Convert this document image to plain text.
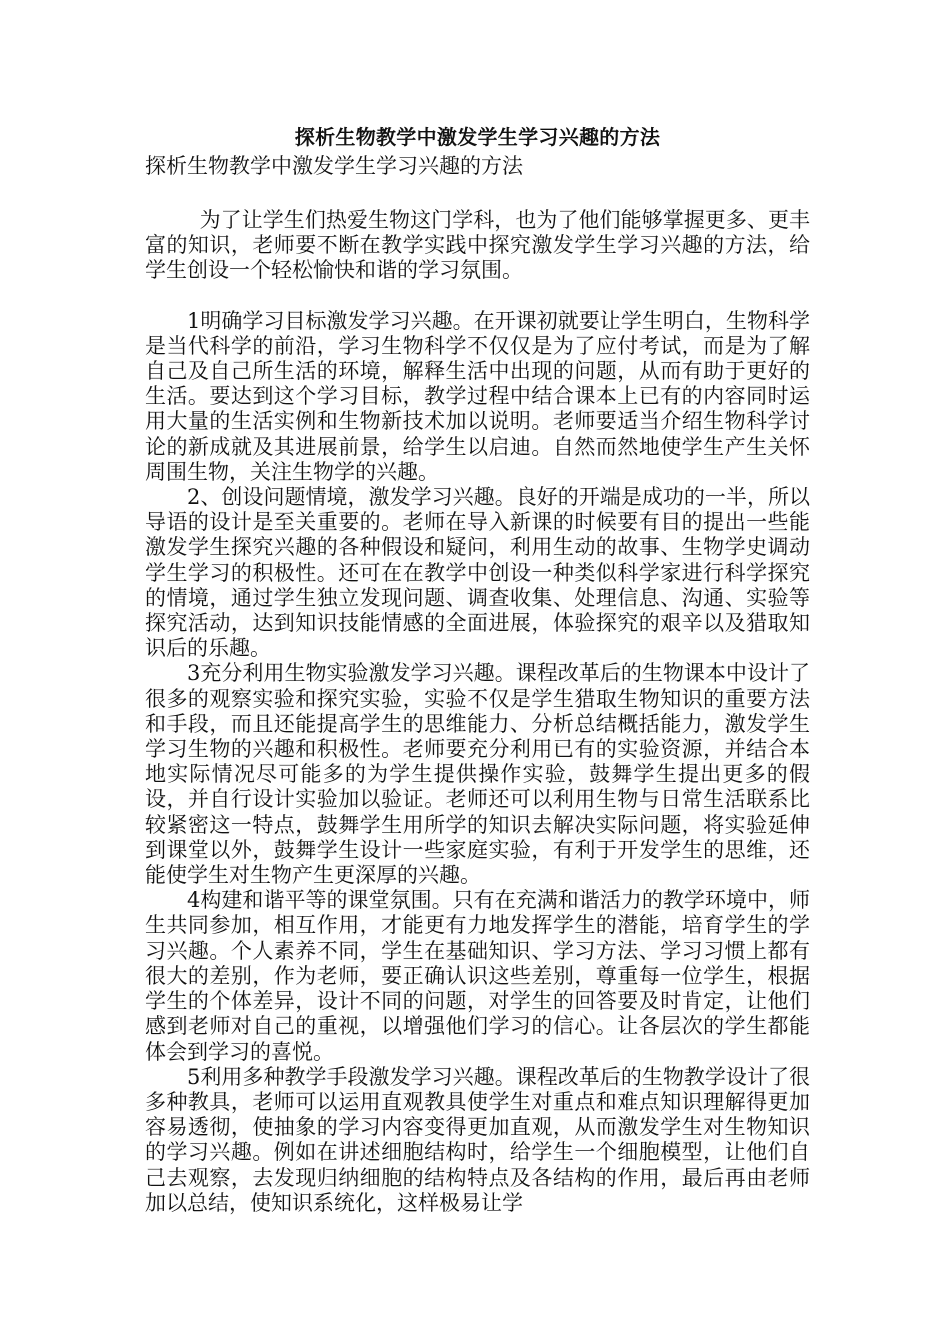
探析生物教学中激发学生学习兴趣的方法

探析生物教学中激发学生学习兴趣的方法

为了让学生们热爱生物这门学科，也为了他们能够掌握更多、更丰富的知识，老师要不断在教学实践中探究激发学生学习兴趣的方法，给学生创设一个轻松愉快和谐的学习氛围。

1明确学习目标激发学习兴趣。在开课初就要让学生明白，生物科学是当代科学的前沿，学习生物科学不仅仅是为了应付考试，而是为了解自己及自己所生活的环境，解释生活中出现的问题，从而有助于更好的生活。要达到这个学习目标，教学过程中结合课本上已有的内容同时运用大量的生活实例和生物新技术加以说明。老师要适当介绍生物科学讨论的新成就及其进展前景，给学生以启迪。自然而然地使学生产生关怀周围生物，关注生物学的兴趣。

2、创设问题情境，激发学习兴趣。良好的开端是成功的一半，所以导语的设计是至关重要的。老师在导入新课的时候要有目的提出一些能激发学生探究兴趣的各种假设和疑问，利用生动的故事、生物学史调动学生学习的积极性。还可在在教学中创设一种类似科学家进行科学探究的情境，通过学生独立发现问题、调查收集、处理信息、沟通、实验等探究活动，达到知识技能情感的全面进展，体验探究的艰辛以及猎取知识后的乐趣。

3充分利用生物实验激发学习兴趣。课程改革后的生物课本中设计了很多的观察实验和探究实验，实验不仅是学生猎取生物知识的重要方法和手段，而且还能提高学生的思维能力、分析总结概括能力，激发学生学习生物的兴趣和积极性。老师要充分利用已有的实验资源，并结合本地实际情况尽可能多的为学生提供操作实验，鼓舞学生提出更多的假设，并自行设计实验加以验证。老师还可以利用生物与日常生活联系比较紧密这一特点，鼓舞学生用所学的知识去解决实际问题，将实验延伸到课堂以外，鼓舞学生设计一些家庭实验，有利于开发学生的思维，还能使学生对生物产生更深厚的兴趣。

4构建和谐平等的课堂氛围。只有在充满和谐活力的教学环境中，师生共同参加，相互作用，才能更有力地发挥学生的潜能，培育学生的学习兴趣。个人素养不同，学生在基础知识、学习方法、学习习惯上都有很大的差别，作为老师，要正确认识这些差别，尊重每一位学生，根据学生的个体差异，设计不同的问题，对学生的回答要及时肯定，让他们感到老师对自己的重视，以增强他们学习的信心。让各层次的学生都能体会到学习的喜悦。

5利用多种教学手段激发学习兴趣。课程改革后的生物教学设计了很多种教具，老师可以运用直观教具使学生对重点和难点知识理解得更加容易透彻，使抽象的学习内容变得更加直观，从而激发学生对生物知识的学习兴趣。例如在讲述细胞结构时，给学生一个细胞模型，让他们自己去观察，去发现归纳细胞的结构特点及各结构的作用，最后再由老师加以总结，使知识系统化，这样极易让学
